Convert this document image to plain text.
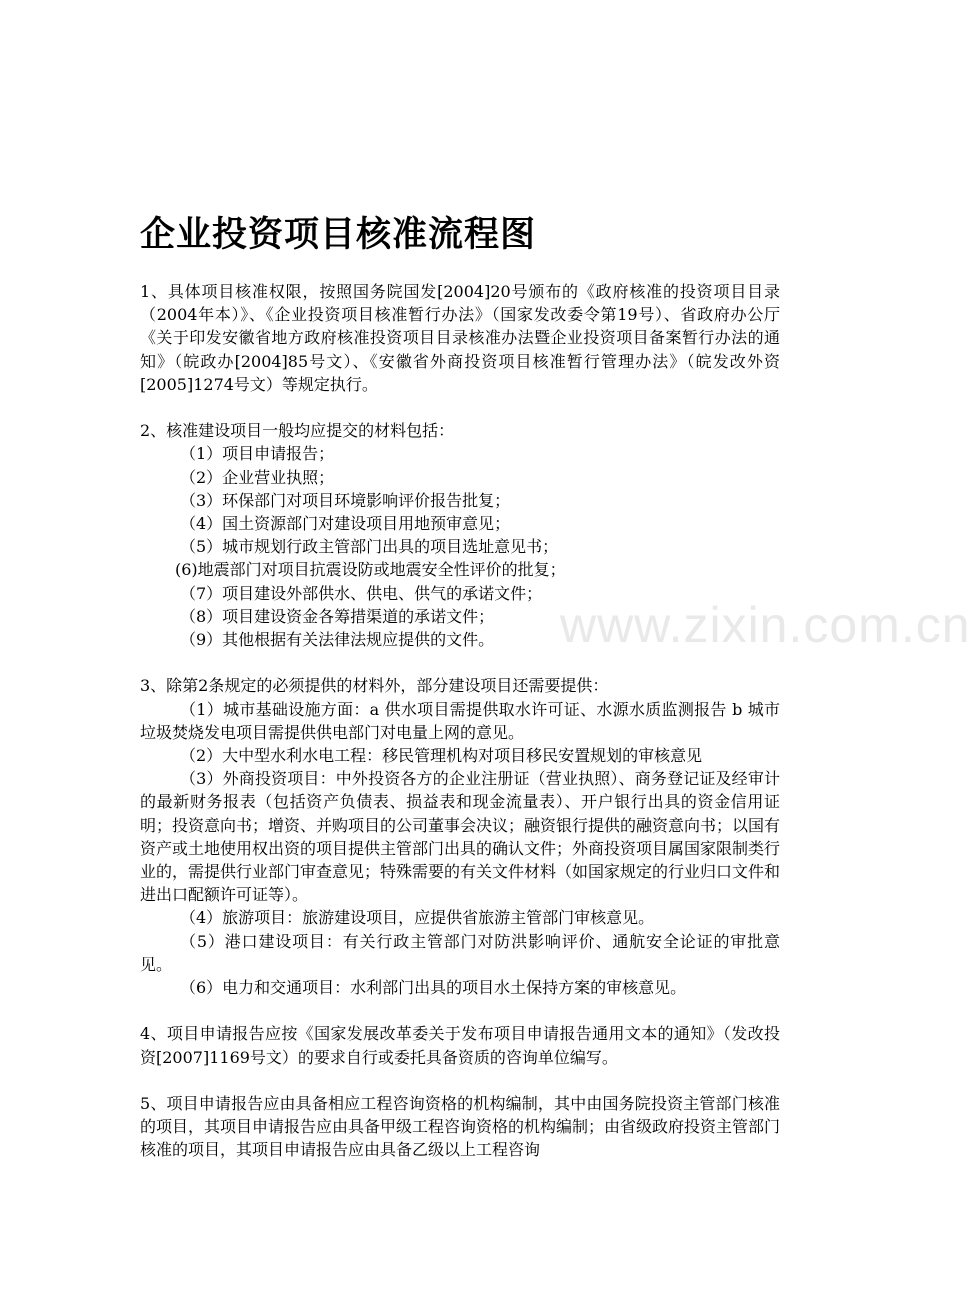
www.zixin.com.cn
企业投资项目核准流程图

1、具体项目核准权限，按照国务院国发[2004]20号颁布的《政府核准的投资项目目录（2004年本）》、《企业投资项目核准暂行办法》（国家发改委令第19号）、省政府办公厅《关于印发安徽省地方政府核准投资项目目录核准办法暨企业投资项目备案暂行办法的通知》（皖政办[2004]85号文）、《安徽省外商投资项目核准暂行管理办法》（皖发改外资[2005]1274号文）等规定执行。

2、核准建设项目一般均应提交的材料包括：

（1）项目申请报告；

（2）企业营业执照；

（3）环保部门对项目环境影响评价报告批复；

（4）国土资源部门对建设项目用地预审意见；

（5）城市规划行政主管部门出具的项目选址意见书；

(6)地震部门对项目抗震设防或地震安全性评价的批复；

（7）项目建设外部供水、供电、供气的承诺文件；

（8）项目建设资金各筹措渠道的承诺文件；

（9）其他根据有关法律法规应提供的文件。

3、除第2条规定的必须提供的材料外，部分建设项目还需要提供：

（1）城市基础设施方面：a 供水项目需提供取水许可证、水源水质监测报告 b 城市垃圾焚烧发电项目需提供供电部门对电量上网的意见。

（2）大中型水利水电工程：移民管理机构对项目移民安置规划的审核意见

（3）外商投资项目：中外投资各方的企业注册证（营业执照）、商务登记证及经审计的最新财务报表（包括资产负债表、损益表和现金流量表）、开户银行出具的资金信用证明；投资意向书；增资、并购项目的公司董事会决议；融资银行提供的融资意向书；以国有资产或土地使用权出资的项目提供主管部门出具的确认文件；外商投资项目属国家限制类行业的，需提供行业部门审查意见；特殊需要的有关文件材料（如国家规定的行业归口文件和进出口配额许可证等）。

（4）旅游项目：旅游建设项目，应提供省旅游主管部门审核意见。

（5）港口建设项目：有关行政主管部门对防洪影响评价、通航安全论证的审批意见。

（6）电力和交通项目：水利部门出具的项目水土保持方案的审核意见。

4、项目申请报告应按《国家发展改革委关于发布项目申请报告通用文本的通知》（发改投资[2007]1169号文）的要求自行或委托具备资质的咨询单位编写。

5、项目申请报告应由具备相应工程咨询资格的机构编制，其中由国务院投资主管部门核准的项目，其项目申请报告应由具备甲级工程咨询资格的机构编制；由省级政府投资主管部门核准的项目，其项目申请报告应由具备乙级以上工程咨询
